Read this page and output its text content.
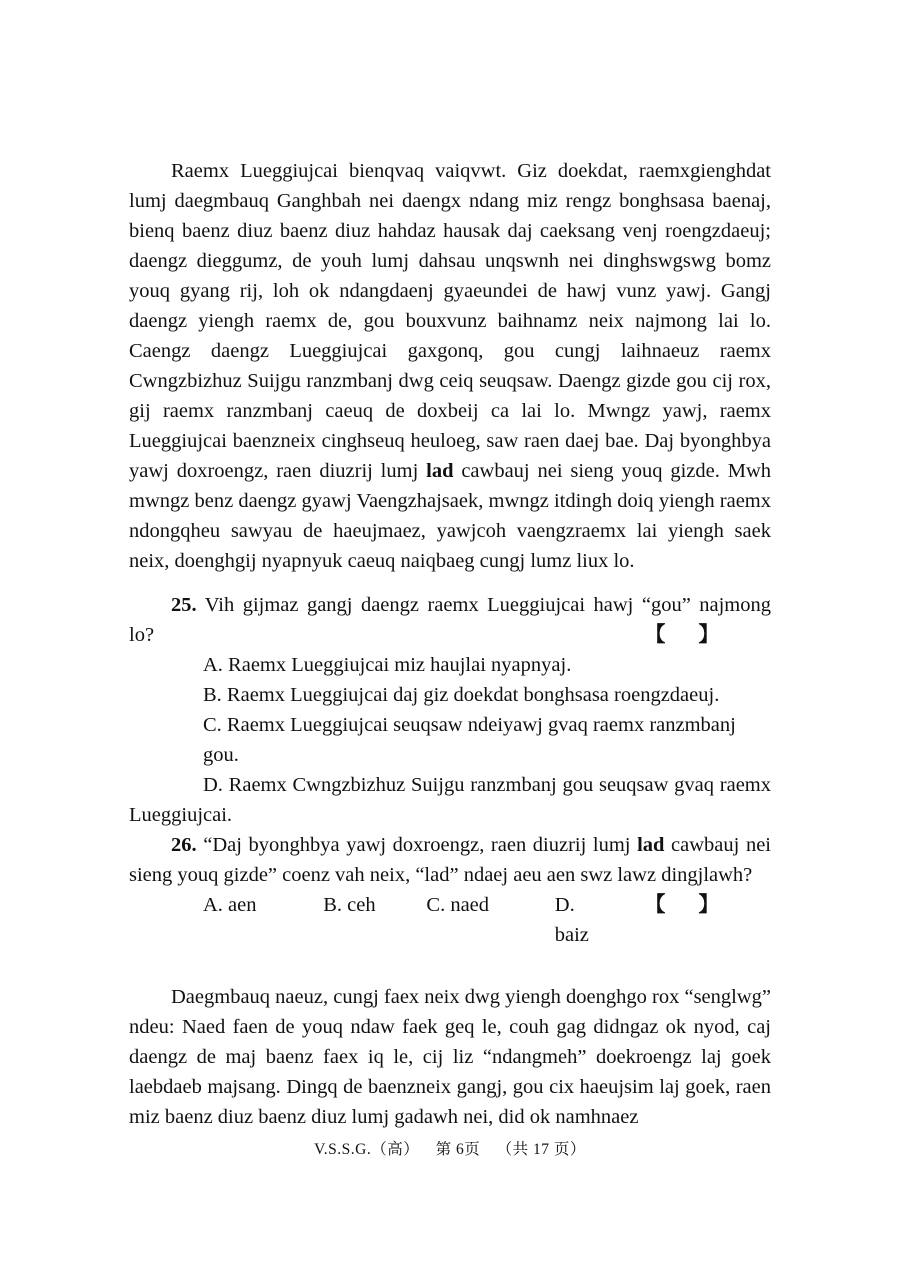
Raemx Lueggiujcai bienqvaq vaiqvwt. Giz doekdat, raemxgienghdat lumj daegmbauq Ganghbah nei daengx ndang miz rengz bonghsasa baenaj, bienq baenz diuz baenz diuz hahdaz hausak daj caeksang venj roengzdaeuj; daengz dieggumz, de youh lumj dahsau unqswnh nei dinghswgswg bomz youq gyang rij, loh ok ndangdaenj gyaeundei de hawj vunz yawj. Gangj daengz yiengh raemx de, gou bouxvunz baihnamz neix najmong lai lo. Caengz daengz Lueggiujcai gaxgonq, gou cungj laihnaeuz raemx Cwngzbizhuz Suijgu ranzmbanj dwg ceiq seuqsaw. Daengz gizde gou cij rox, gij raemx ranzmbanj caeuq de doxbeij ca lai lo. Mwngz yawj, raemx Lueggiujcai baenzneix cinghseuq heuloeg, saw raen daej bae. Daj byonghbya yawj doxroengz, raen diuzrij lumj lad cawbauj nei sieng youq gizde. Mwh mwngz benz daengz gyawj Vaengzhajsaek, mwngz itdingh doiq yiengh raemx ndongqheu sawyau de haeujmaez, yawjcoh vaengzraemx lai yiengh saek neix, doenghgij nyapnyuk caeuq naiqbaeg cungj lumz liux lo.

25. Vih gijmaz gangj daengz raemx Lueggiujcai hawj “gou” najmong lo?	【 】

A. Raemx Lueggiujcai miz haujlai nyapnyaj.

B. Raemx Lueggiujcai daj giz doekdat bonghsasa roengzdaeuj.

C. Raemx Lueggiujcai seuqsaw ndeiyawj gvaq raemx ranzmbanj gou.

D. Raemx Cwngzbizhuz Suijgu ranzmbanj gou seuqsaw gvaq raemx Lueggiujcai.

26. “Daj byonghbya yawj doxroengz, raen diuzrij lumj lad cawbauj nei sieng youq gizde” coenz vah neix, “lad” ndaej aeu aen swz lawz dingjlawh?
【 】

A. aen	B. ceh	C. naed	D. baiz

Daegmbauq naeuz, cungj faex neix dwg yiengh doenghgo rox “senglwg” ndeu: Naed faen de youq ndaw faek geq le, couh gag didngaz ok nyod, caj daengz de maj baenz faex iq le, cij liz “ndangmeh” doekroengz laj goek laebdaeb majsang. Dingq de baenzneix gangj, gou cix haeujsim laj goek, raen miz baenz diuz baenz diuz lumj gadawh nei, did ok namhnaez

V.S.S.G.（高） 第 6页 （共 17 页）
